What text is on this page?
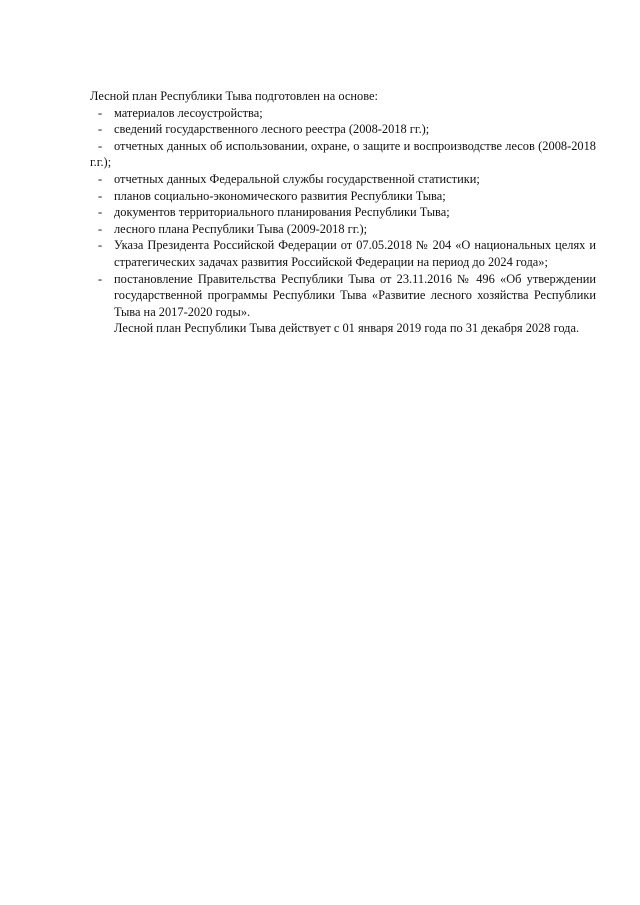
Лесной план Республики Тыва подготовлен на основе:

- материалов лесоустройства;
- сведений государственного лесного реестра (2008-2018 гг.);
- отчетных данных об использовании, охране, о защите и воспроизводстве лесов (2008-2018 г.г.);
- отчетных данных Федеральной службы государственной статистики;
- планов социально-экономического развития Республики Тыва;
- документов территориального планирования Республики Тыва;
- лесного плана Республики Тыва (2009-2018 гг.);
- Указа Президента Российской Федерации от 07.05.2018 № 204 «О национальных целях и стратегических задачах развития Российской Федерации на период до 2024 года»;
- постановление Правительства Республики Тыва от 23.11.2016 № 496 «Об утверждении государственной программы Республики Тыва «Развитие лесного хозяйства Республики Тыва на 2017-2020 годы».

Лесной план Республики Тыва действует с 01 января 2019 года по 31 декабря 2028 года.
